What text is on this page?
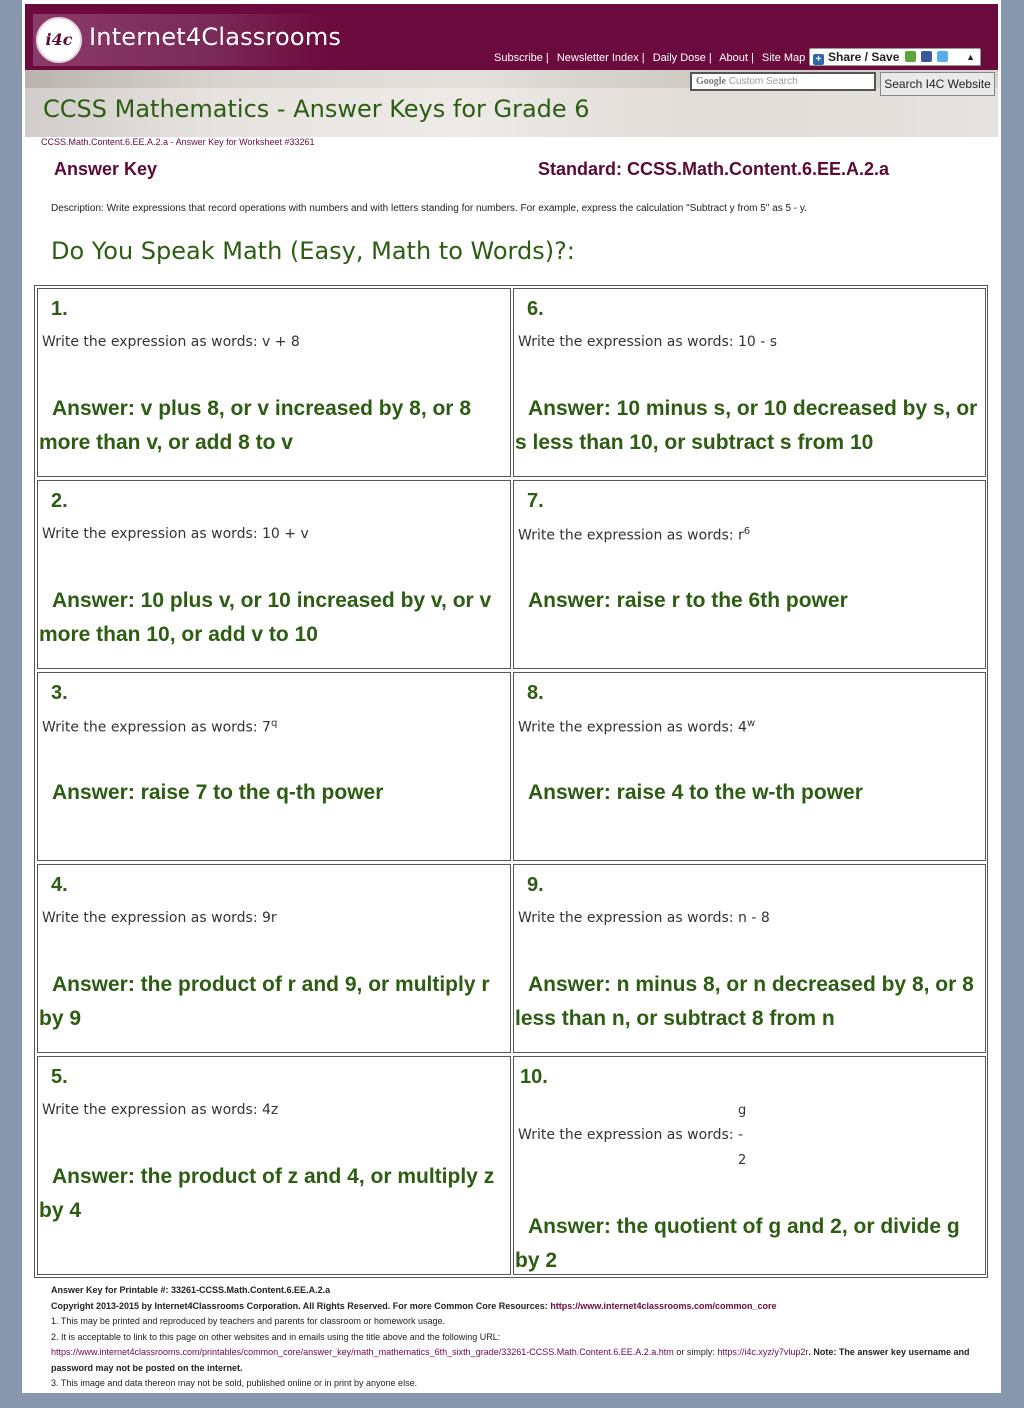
i4c Internet4Classrooms
Subscribe | Newsletter Index | Daily Dose | About | Site Map	+ Share / Save	▲

CCSS Mathematics - Answer Keys for Grade 6
Google Custom Search	Search I4C Website
CCSS.Math.Content.6.EE.A.2.a - Answer Key for Worksheet #33261
Answer Key	Standard: CCSS.Math.Content.6.EE.A.2.a
Description: Write expressions that record operations with numbers and with letters standing for numbers. For example, express the calculation "Subtract y from 5" as 5 - y.
Do You Speak Math (Easy, Math to Words)?:
1.
Write the expression as words: v + 8
Answer: v plus 8, or v increased by 8, or 8 more than v, or add 8 to v
2.
Write the expression as words: 10 + v
Answer: 10 plus v, or 10 increased by v, or v more than 10, or add v to 10
3.
Write the expression as words: 7$^q$
Answer: raise 7 to the q-th power
4.
Write the expression as words: 9r
Answer: the product of r and 9, or multiply r by 9
5.
Write the expression as words: 4z
Answer: the product of z and 4, or multiply z by 4
6.
Write the expression as words: 10 - s
Answer: 10 minus s, or 10 decreased by s, or s less than 10, or subtract s from 10
7.
Write the expression as words: $r^6$
Answer: raise r to the 6th power
8.
Write the expression as words: 4$^w$
Answer: raise 4 to the w-th power
9.
Write the expression as words: n - 8
Answer: n minus 8, or n decreased by 8, or 8 less than n, or subtract 8 from n
10.
g
Write the expression as words: -
2
Answer: the quotient of g and 2, or divide g by 2
Answer Key for Printable #: 33261-CCSS.Math.Content.6.EE.A.2.a
Copyright 2013-2015 by Internet4Classrooms Corporation. All Rights Reserved. For more Common Core Resources: https://www.internet4classrooms.com/common_core
1. This may be printed and reproduced by teachers and parents for classroom or homework usage.
2. It is acceptable to link to this page on other websites and in emails using the title above and the following URL:
https://www.internet4classrooms.com/printables/common_core/answer_key/math_mathematics_6th_sixth_grade/33261-CCSS.Math.Content.6.EE.A.2.a.htm or simply: https://i4c.xyz/y7vlup2r. Note: The answer key username and password may not be posted on the internet.
3. This image and data thereon may not be sold, published online or in print by anyone else.
